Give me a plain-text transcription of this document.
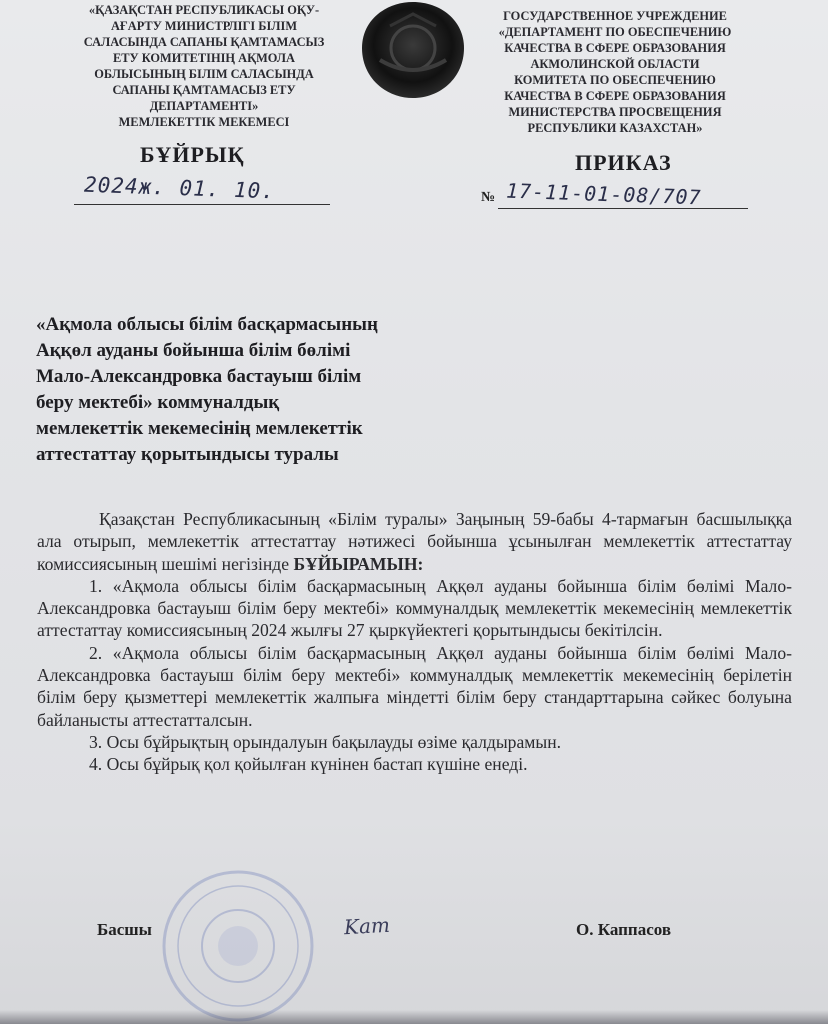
«ҚАЗАҚСТАН РЕСПУБЛИКАСЫ ОҚУ-
АҒАРТУ МИНИСТРЛІГІ БІЛІМ
САЛАСЫНДА САПАНЫ ҚАМТАМАСЫЗ
ЕТУ КОМИТЕТІНІҢ АҚМОЛА
ОБЛЫСЫНЫҢ БІЛІМ САЛАСЫНДА
САПАНЫ ҚАМТАМАСЫЗ ЕТУ
ДЕПАРТАМЕНТІ»
МЕМЛЕКЕТТІК МЕКЕМЕСІ
ГОСУДАРСТВЕННОЕ УЧРЕЖДЕНИЕ
«ДЕПАРТАМЕНТ ПО ОБЕСПЕЧЕНИЮ
КАЧЕСТВА В СФЕРЕ ОБРАЗОВАНИЯ
АКМОЛИНСКОЙ ОБЛАСТИ
КОМИТЕТА ПО ОБЕСПЕЧЕНИЮ
КАЧЕСТВА В СФЕРЕ ОБРАЗОВАНИЯ
МИНИСТЕРСТВА ПРОСВЕЩЕНИЯ
РЕСПУБЛИКИ КАЗАХСТАН»
БҰЙРЫҚ	ПРИКАЗ
2024ж. 01. 10.	№ 17-11-01-08/707
«Ақмола облысы білім басқармасының
Аққөл ауданы бойынша білім бөлімі
Мало-Александровка бастауыш білім
беру мектебі» коммуналдық
мемлекеттік мекемесінің мемлекеттік
аттестаттау қорытындысы туралы

Қазақстан Республикасының «Білім туралы» Заңының 59-бабы 4-тармағын басшылыққа ала отырып, мемлекеттік аттестаттау нәтижесі бойынша ұсынылған мемлекеттік аттестаттау комиссиясының шешімі негізінде БҰЙЫРАМЫН:

1. «Ақмола облысы білім басқармасының Аққөл ауданы бойынша білім бөлімі Мало-Александровка бастауыш білім беру мектебі» коммуналдық мемлекеттік мекемесінің мемлекеттік аттестаттау комиссиясының 2024 жылғы 27 қыркүйектегі қорытындысы бекітілсін.

2. «Ақмола облысы білім басқармасының Аққөл ауданы бойынша білім бөлімі Мало-Александровка бастауыш білім беру мектебі» коммуналдық мемлекеттік мекемесінің берілетін білім беру қызметтері мемлекеттік жалпыға міндетті білім беру стандарттарына сәйкес болуына байланысты аттестатталсын.

3. Осы бұйрықтың орындалуын бақылауды өзіме қалдырамын.

4. Осы бұйрық қол қойылған күнінен бастап күшіне енеді.

Басшы	Kam	О. Каппасов
